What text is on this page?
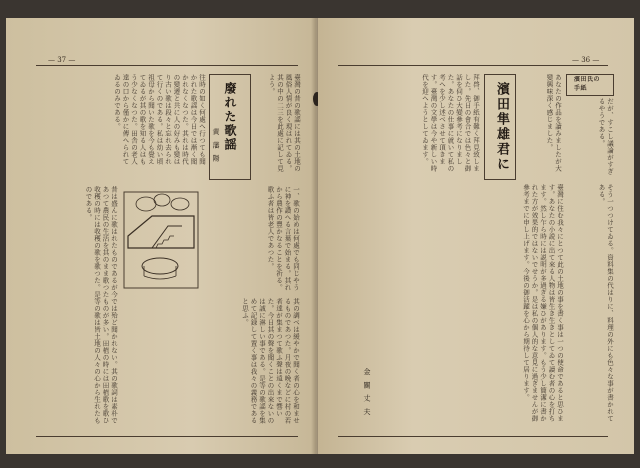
— 37 —
往時の如く何處へ行つても聞かれた歌謡は今日では漸く聞かれなくなつた。其れは時代の變遷と共に人の好みも變はり古い歌は段々と忘れ去られて行くのである。私は幼い頃祖母から聞いた歌を今も覺えてゐるが其の歌を知る人はもう少なくなつた。田舎の老人達の口から僅かに傳へられてゐるのみである。	廢れた歌謡
黄 藩 陽	臺灣の昔の歌謡には其の土地の風俗人情が良く現はれてゐる。其の中の二三を此處に記して見よう。
昔は盛んに歌はれたものであるが今では殆ど聞かれない。其の歌詞は素朴であつて農民の生活を其のまま歌つたものが多い。田植の時には田植歌を歌ひ收穫の時には收穫の歌を歌つた。是等の歌は皆土地の人々の心から生れたものである。	一、歌の始めは何處でも同じやうに神を讚へる言葉で始まる。其れから農作の豐かなることを祈る。歌ふ者は皆老人であつた。
其の調べは緩やかで聞く者の心を和ませるものであつた。月夜の晩などに村の若者達が集まつて歌ふ聲は遠くまで響いた。今日其の聲を聞くことの出來ないのは誠に淋しい事である。是等の歌謡を集めて記録して置く事は我々の義務であると思ふ。
— 36 —
拜啓、御手紙有難く拜見致しました。先日の會合では色々と御話を伺ひ大變參考になりました。あなたの仕事に就いて私の考へを少し述べさせて頂きます。臺灣の文學は今や新しい時代を迎へようとしてゐます。	濱田隼雄君に	あなたの作品を讀みましたが大變興味深く感じました。	濱田氏の手紙
だが、すこし議論がすぎるやうである。
臺灣に住む我々にとつて此の土地の事を書く事は一つの使命であると思ひます。あなたの小説に出て來る人物は皆生き生きとしてゐて讀む者の心を打ちます。然し乍ら時には説明が多過ぎる嫌ひがあります。もう少し簡潔に書かれた方が效果的ではないでせうか。是は私の個人的な意見に過ぎませんが御參考までに申し上げます。今後の御活躍を心から期待して居ります。
金 關 丈 夫	そう一つつけてゐる。資料集の代はりに、料理の外にも色々な事が書かれてある。
